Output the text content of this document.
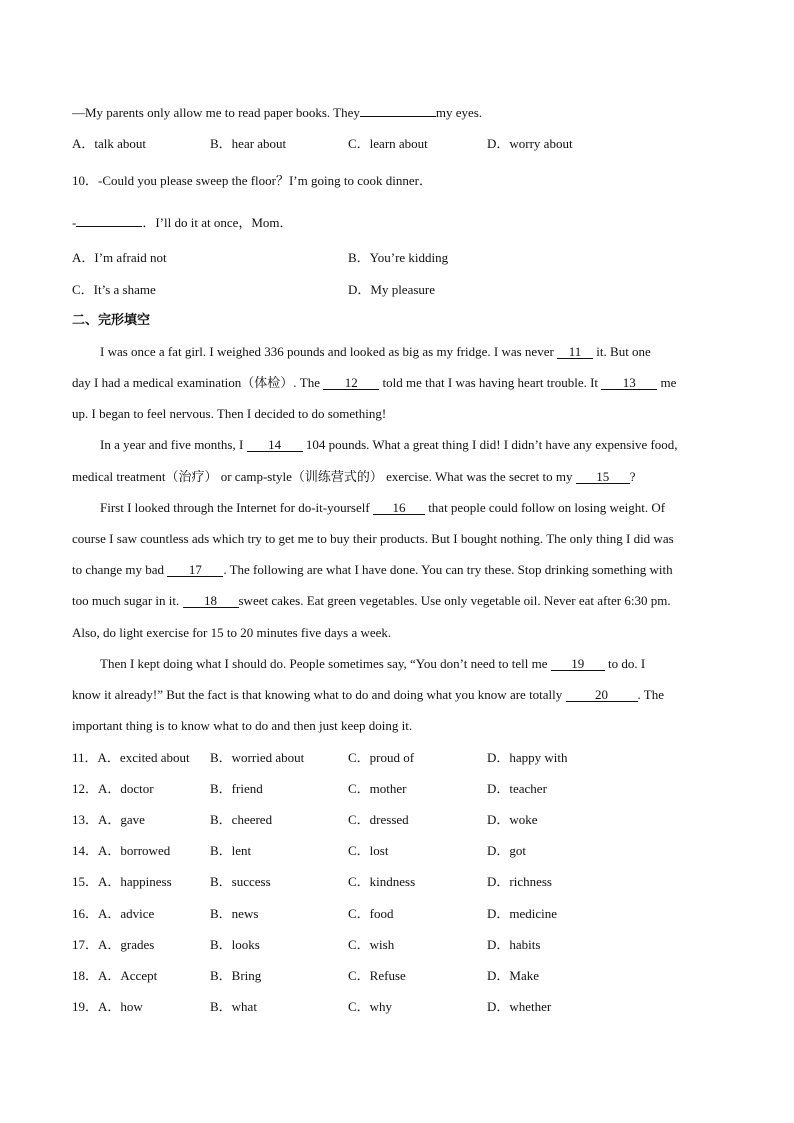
—My parents only allow me to read paper books. They	my eyes.
A．talk about	B．hear about	C．learn about	D．worry about
10．-Could you please sweep the floor？I’m going to cook dinner．
-	．I’ll do it at once，Mom．
A．I’m afraid not	B．You’re kidding
C．It’s a shame	D．My pleasure
二、完形填空
I was once a fat girl. I weighed 336 pounds and looked as big as my fridge. I was never 11 it. But one
day I had a medical examination（体检）. The 12 told me that I was having heart trouble. It 13 me
up. I began to feel nervous. Then I decided to do something!
In a year and five months, I 14 104 pounds. What a great thing I did! I didn’t have any expensive food,
medical treatment（治疗） or camp-style（训练营式的） exercise. What was the secret to my 15 ?
First I looked through the Internet for do-it-yourself 16 that people could follow on losing weight. Of
course I saw countless ads which try to get me to buy their products. But I bought nothing. The only thing I did was
to change my bad 17 . The following are what I have done. You can try these. Stop drinking something with
too much sugar in it. 18 sweet cakes. Eat green vegetables. Use only vegetable oil. Never eat after 6:30 pm.
Also, do light exercise for 15 to 20 minutes five days a week.
Then I kept doing what I should do. People sometimes say, “You don’t need to tell me 19 to do. I
know it already!” But the fact is that knowing what to do and doing what you know are totally 20 . The
important thing is to know what to do and then just keep doing it.
11．A．excited about B．worried about	C．proud of	D．happy with
12．A．doctor	B．friend	C．mother	D．teacher
13．A．gave	B．cheered	C．dressed	D．woke
14．A．borrowed	B．lent	C．lost	D．got
15．A．happiness	B．success	C．kindness	D．richness
16．A．advice	B．news	C．food	D．medicine
17．A．grades	B．looks	C．wish	D．habits
18．A．Accept	B．Bring	C．Refuse	D．Make
19．A．how	B．what	C．why	D．whether
